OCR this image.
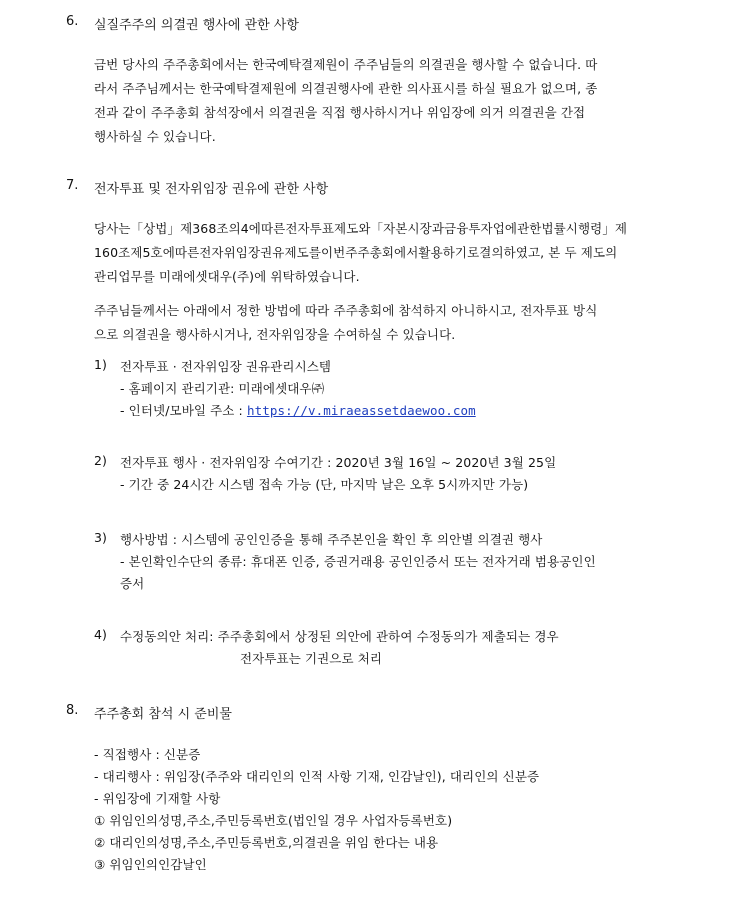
6. 실질주주의 의결권 행사에 관한 사항
금번 당사의 주주총회에서는 한국예탁결제원이 주주님들의 의결권을 행사할 수 없습니다. 따
라서 주주님께서는 한국예탁결제원에 의결권행사에 관한 의사표시를 하실 필요가 없으며, 종
전과 같이 주주총회 참석장에서 의결권을 직접 행사하시거나 위임장에 의거 의결권을 간접
행사하실 수 있습니다.
7. 전자투표 및 전자위임장 권유에 관한 사항
당사는「상법」제368조의4에따른전자투표제도와「자본시장과금융투자업에관한법률시행령」제
160조제5호에따른전자위임장권유제도를이번주주총회에서활용하기로결의하였고, 본 두 제도의
관리업무를 미래에셋대우(주)에 위탁하였습니다.
주주님들께서는 아래에서 정한 방법에 따라 주주총회에 참석하지 아니하시고, 전자투표 방식
으로 의결권을 행사하시거나, 전자위임장을 수여하실 수 있습니다.
1) 전자투표 · 전자위임장 권유관리시스템
- 홈페이지 관리기관: 미래에셋대우㈜
- 인터넷/모바일 주소 : https://v.miraeassetdaewoo.com
2) 전자투표 행사 · 전자위임장 수여기간 : 2020년 3월 16일 ~ 2020년 3월 25일
- 기간 중 24시간 시스템 접속 가능 (단, 마지막 날은 오후 5시까지만 가능)
3) 행사방법 : 시스템에 공인인증을 통해 주주본인을 확인 후 의안별 의결권 행사
- 본인확인수단의 종류: 휴대폰 인증, 증권거래용 공인인증서 또는 전자거래 범용공인인
증서
4) 수정동의안 처리: 주주총회에서 상정된 의안에 관하여 수정동의가 제출되는 경우
전자투표는 기권으로 처리
8. 주주총회 참석 시 준비물
- 직접행사 : 신분증
- 대리행사 : 위임장(주주와 대리인의 인적 사항 기재, 인감날인), 대리인의 신분증
- 위임장에 기재할 사항
① 위임인의성명,주소,주민등록번호(법인일 경우 사업자등록번호)
② 대리인의성명,주소,주민등록번호,의결권을 위임 한다는 내용
③ 위임인의인감날인
